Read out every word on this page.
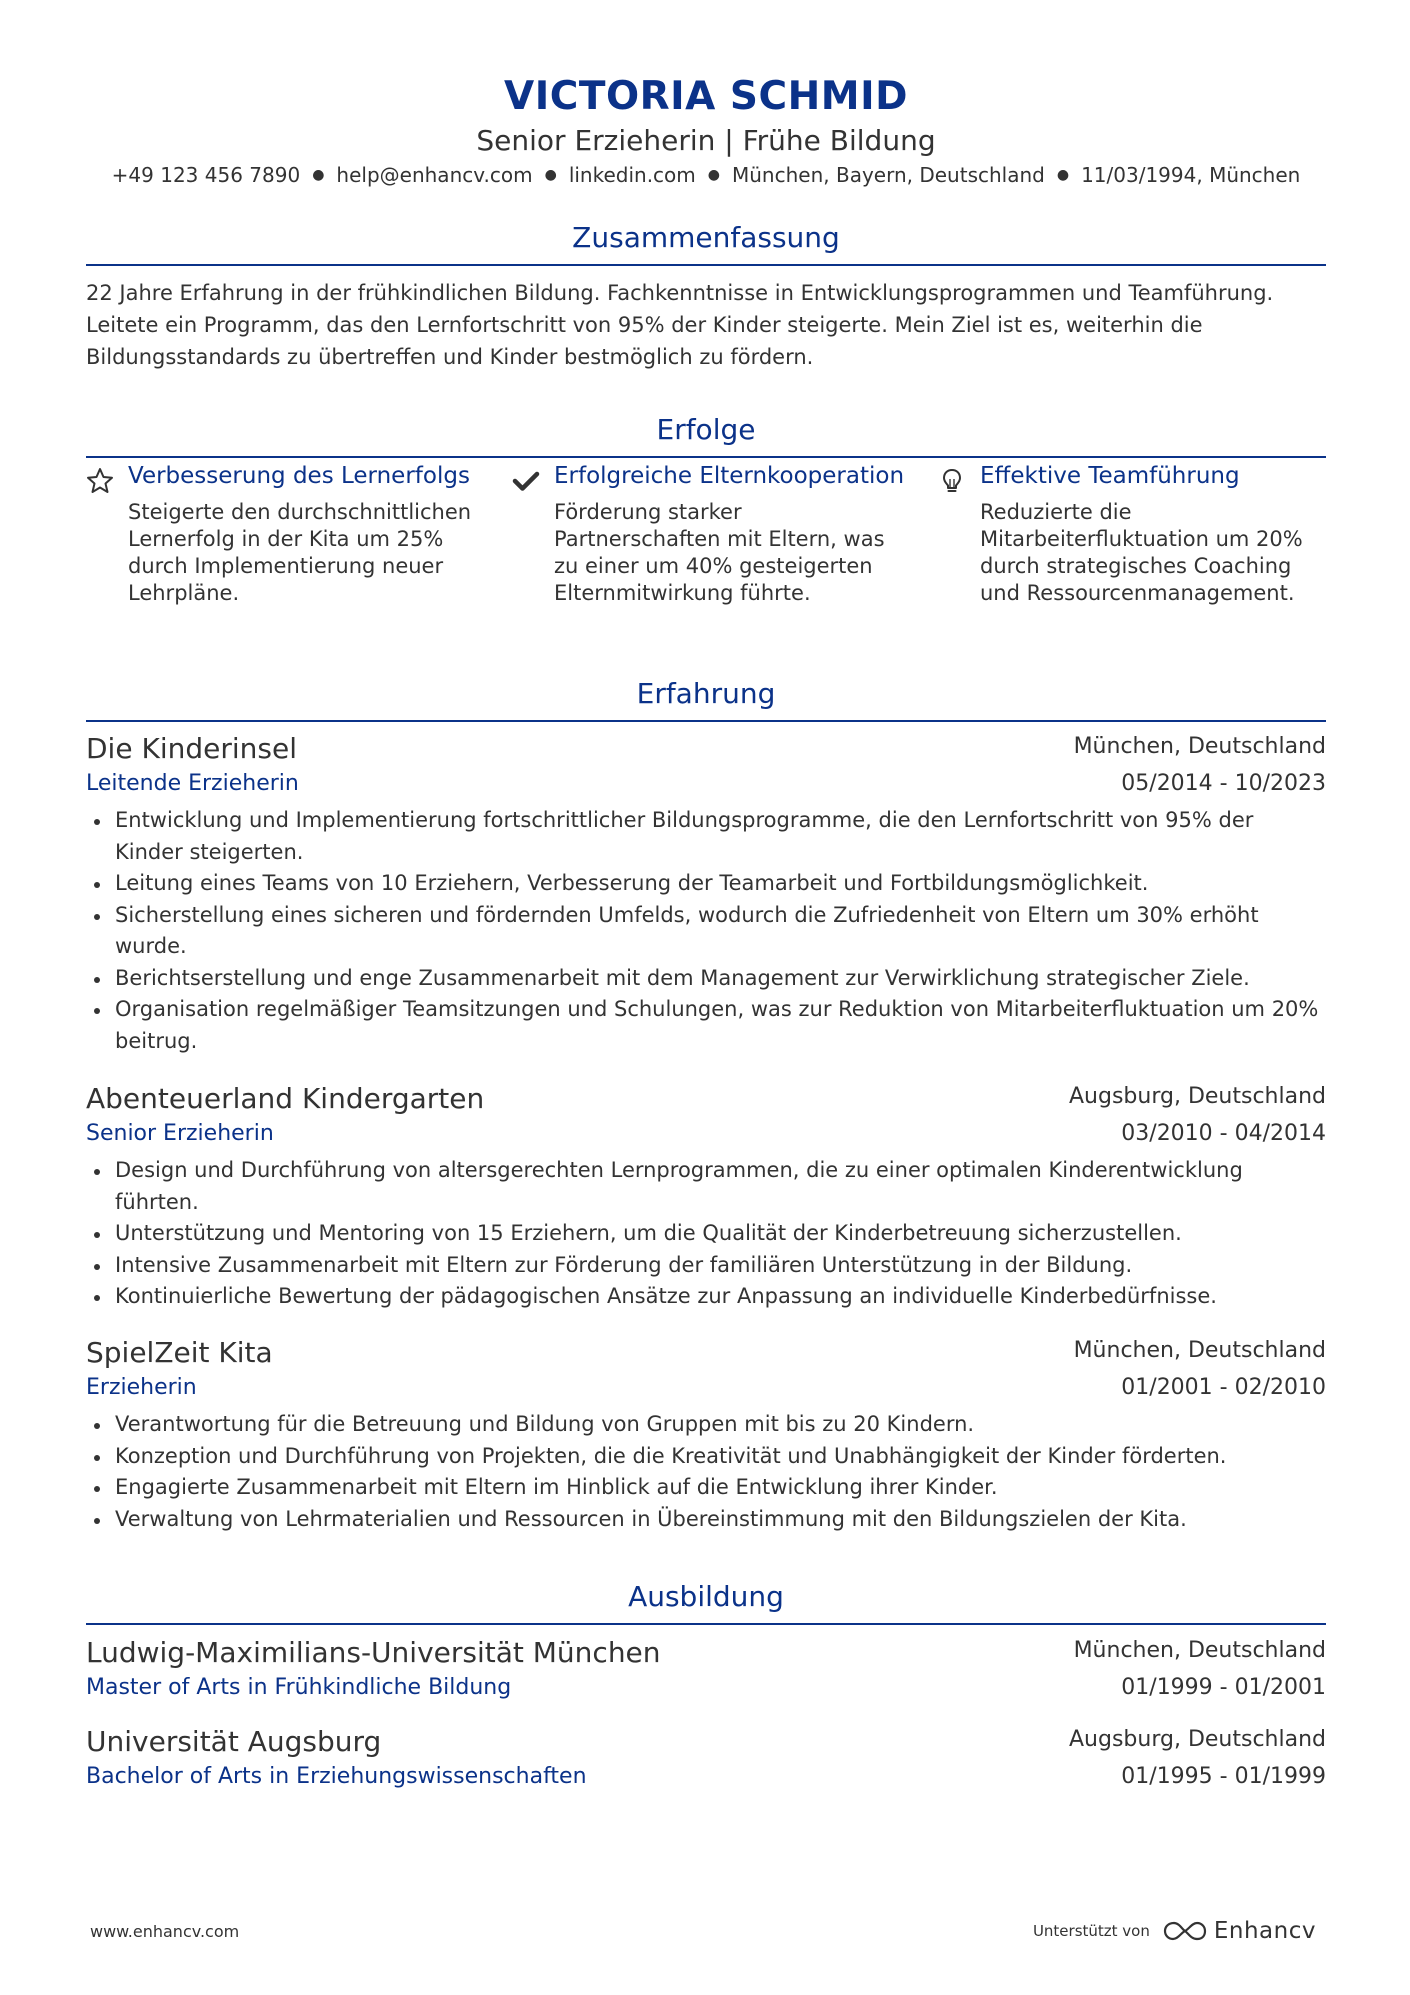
VICTORIA SCHMID
Senior Erzieherin | Frühe Bildung
+49 123 456 7890 ● help@enhancv.com ● linkedin.com ● München, Bayern, Deutschland ● 11/03/1994, München
Zusammenfassung
22 Jahre Erfahrung in der frühkindlichen Bildung. Fachkenntnisse in Entwicklungsprogrammen und Teamführung. Leitete ein Programm, das den Lernfortschritt von 95% der Kinder steigerte. Mein Ziel ist es, weiterhin die Bildungsstandards zu übertreffen und Kinder bestmöglich zu fördern.
Erfolge
Verbesserung des Lernerfolgs
Steigerte den durchschnittlichen Lernerfolg in der Kita um 25% durch Implementierung neuer Lehrpläne.
Erfolgreiche Elternkooperation
Förderung starker Partnerschaften mit Eltern, was zu einer um 40% gesteigerten Elternmitwirkung führte.
Effektive Teamführung
Reduzierte die Mitarbeiterfluktuation um 20% durch strategisches Coaching und Ressourcenmanagement.
Erfahrung
Die Kinderinsel	München, Deutschland
Leitende Erzieherin	05/2014 - 10/2023
Entwicklung und Implementierung fortschrittlicher Bildungsprogramme, die den Lernfortschritt von 95% der Kinder steigerten.
Leitung eines Teams von 10 Erziehern, Verbesserung der Teamarbeit und Fortbildungsmöglichkeit.
Sicherstellung eines sicheren und fördernden Umfelds, wodurch die Zufriedenheit von Eltern um 30% erhöht wurde.
Berichtserstellung und enge Zusammenarbeit mit dem Management zur Verwirklichung strategischer Ziele.
Organisation regelmäßiger Teamsitzungen und Schulungen, was zur Reduktion von Mitarbeiterfluktuation um 20% beitrug.
Abenteuerland Kindergarten	Augsburg, Deutschland
Senior Erzieherin	03/2010 - 04/2014
Design und Durchführung von altersgerechten Lernprogrammen, die zu einer optimalen Kinderentwicklung führten.
Unterstützung und Mentoring von 15 Erziehern, um die Qualität der Kinderbetreuung sicherzustellen.
Intensive Zusammenarbeit mit Eltern zur Förderung der familiären Unterstützung in der Bildung.
Kontinuierliche Bewertung der pädagogischen Ansätze zur Anpassung an individuelle Kinderbedürfnisse.
SpielZeit Kita	München, Deutschland
Erzieherin	01/2001 - 02/2010
Verantwortung für die Betreuung und Bildung von Gruppen mit bis zu 20 Kindern.
Konzeption und Durchführung von Projekten, die die Kreativität und Unabhängigkeit der Kinder förderten.
Engagierte Zusammenarbeit mit Eltern im Hinblick auf die Entwicklung ihrer Kinder.
Verwaltung von Lehrmaterialien und Ressourcen in Übereinstimmung mit den Bildungszielen der Kita.
Ausbildung
Ludwig-Maximilians-Universität München	München, Deutschland
Master of Arts in Frühkindliche Bildung	01/1999 - 01/2001
Universität Augsburg	Augsburg, Deutschland
Bachelor of Arts in Erziehungswissenschaften	01/1995 - 01/1999
www.enhancv.com	Unterstützt von	Enhancv
